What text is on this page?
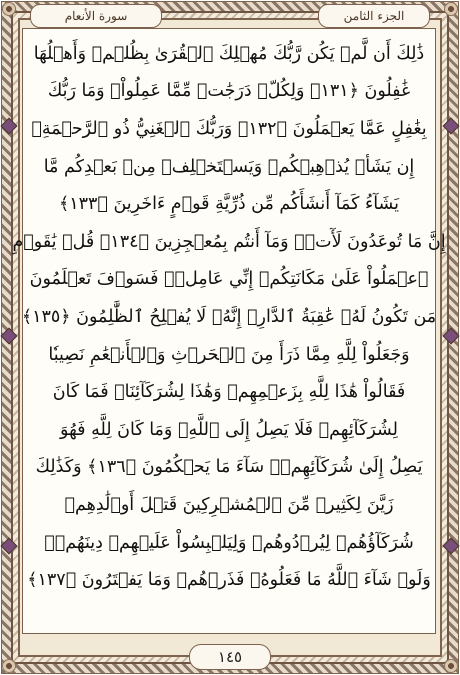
سورة الأنعام	الجزء الثامن
ذَٰلِكَ أَن لَّمۡ يَكُن رَّبُّكَ مُهۡلِكَ ٱلۡقُرَىٰ بِظُلۡمٖ وَأَهۡلُهَا
غَٰفِلُونَ ﴿١٣١﴾ وَلِكُلّٖ دَرَجَٰتٞ مِّمَّا عَمِلُواْۚ وَمَا رَبُّكَ
بِغَٰفِلٍ عَمَّا يَعۡمَلُونَ ﴿١٣٢﴾ وَرَبُّكَ ٱلۡغَنِيُّ ذُو ٱلرَّحۡمَةِۚ
إِن يَشَأۡ يُذۡهِبۡكُمۡ وَيَسۡتَخۡلِفۡ مِنۢ بَعۡدِكُم مَّا
يَشَآءُ كَمَآ أَنشَأَكُم مِّن ذُرِّيَّةِ قَوۡمٍ ءَاخَرِينَ ﴿١٣٣﴾
إِنَّ مَا تُوعَدُونَ لَأٓتٖۖ وَمَآ أَنتُم بِمُعۡجِزِينَ ﴿١٣٤﴾ قُلۡ يَٰقَوۡمِ
ٱعۡمَلُواْ عَلَىٰ مَكَانَتِكُمۡ إِنِّي عَامِلٞۖ فَسَوۡفَ تَعۡلَمُونَ
مَن تَكُونُ لَهُۥ عَٰقِبَةُ ٱلدَّارِۚ إِنَّهُۥ لَا يُفۡلِحُ ٱلظَّٰلِمُونَ ﴿١٣٥﴾
وَجَعَلُواْ لِلَّهِ مِمَّا ذَرَأَ مِنَ ٱلۡحَرۡثِ وَٱلۡأَنۡعَٰمِ نَصِيبٗا
فَقَالُواْ هَٰذَا لِلَّهِ بِزَعۡمِهِمۡ وَهَٰذَا لِشُرَكَآئِنَاۖ فَمَا كَانَ
لِشُرَكَآئِهِمۡ فَلَا يَصِلُ إِلَى ٱللَّهِۖ وَمَا كَانَ لِلَّهِ فَهُوَ
يَصِلُ إِلَىٰ شُرَكَآئِهِمۡۗ سَآءَ مَا يَحۡكُمُونَ ﴿١٣٦﴾ وَكَذَٰلِكَ
زَيَّنَ لِكَثِيرٖ مِّنَ ٱلۡمُشۡرِكِينَ قَتۡلَ أَوۡلَٰدِهِمۡ
شُرَكَآؤُهُمۡ لِيُرۡدُوهُمۡ وَلِيَلۡبِسُواْ عَلَيۡهِمۡ دِينَهُمۡۖ
وَلَوۡ شَآءَ ٱللَّهُ مَا فَعَلُوهُۖ فَذَرۡهُمۡ وَمَا يَفۡتَرُونَ ﴿١٣٧﴾
١٤٥
